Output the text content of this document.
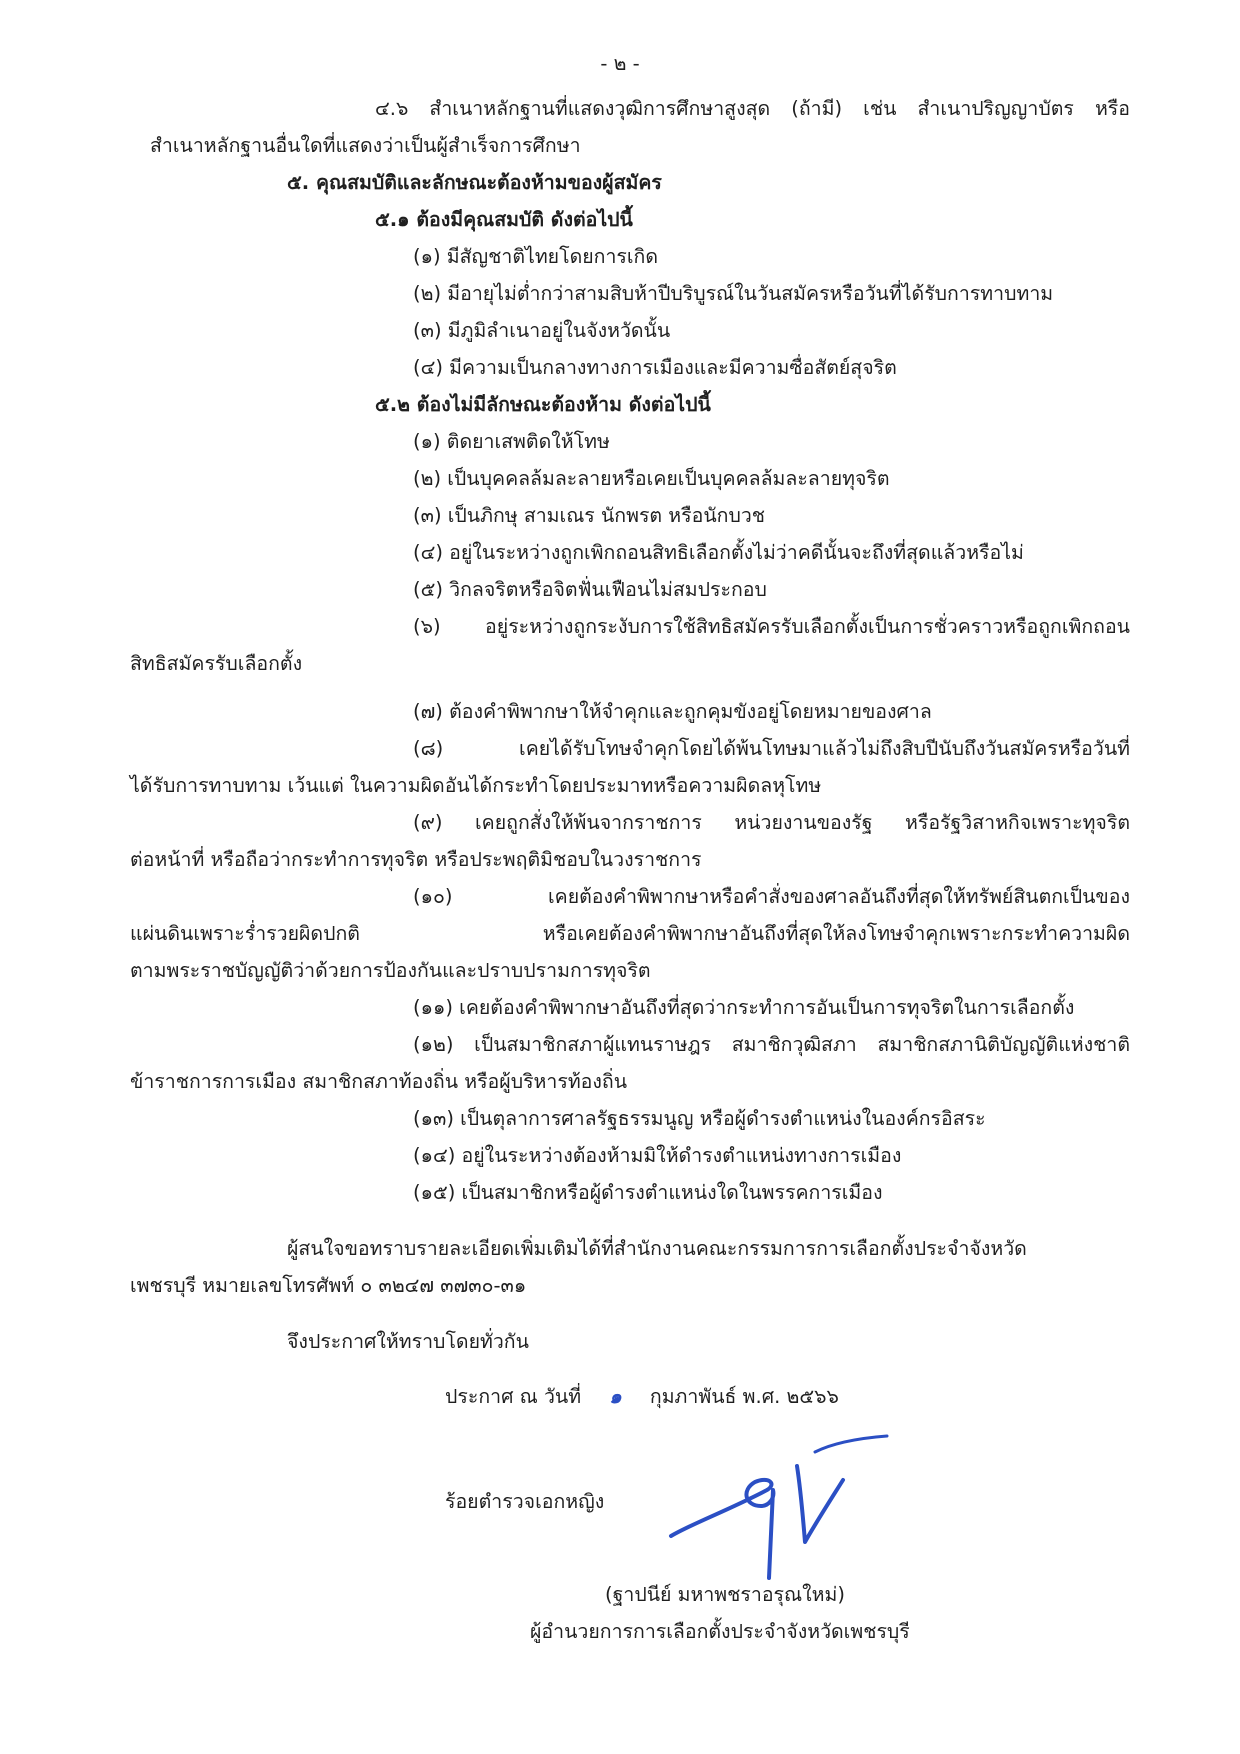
- ๒ -
๔.๖ สำเนาหลักฐานที่แสดงวุฒิการศึกษาสูงสุด (ถ้ามี) เช่น สำเนาปริญญาบัตร หรือ
สำเนาหลักฐานอื่นใดที่แสดงว่าเป็นผู้สำเร็จการศึกษา
๕. คุณสมบัติและลักษณะต้องห้ามของผู้สมัคร
๕.๑ ต้องมีคุณสมบัติ ดังต่อไปนี้
(๑) มีสัญชาติไทยโดยการเกิด
(๒) มีอายุไม่ต่ำกว่าสามสิบห้าปีบริบูรณ์ในวันสมัครหรือวันที่ได้รับการทาบทาม
(๓) มีภูมิลำเนาอยู่ในจังหวัดนั้น
(๔) มีความเป็นกลางทางการเมืองและมีความซื่อสัตย์สุจริต
๕.๒ ต้องไม่มีลักษณะต้องห้าม ดังต่อไปนี้
(๑) ติดยาเสพติดให้โทษ
(๒) เป็นบุคคลล้มละลายหรือเคยเป็นบุคคลล้มละลายทุจริต
(๓) เป็นภิกษุ สามเณร นักพรต หรือนักบวช
(๔) อยู่ในระหว่างถูกเพิกถอนสิทธิเลือกตั้งไม่ว่าคดีนั้นจะถึงที่สุดแล้วหรือไม่
(๕) วิกลจริตหรือจิตฟั่นเฟือนไม่สมประกอบ
(๖) อยู่ระหว่างถูกระงับการใช้สิทธิสมัครรับเลือกตั้งเป็นการชั่วคราวหรือถูกเพิกถอน
สิทธิสมัครรับเลือกตั้ง
(๗) ต้องคำพิพากษาให้จำคุกและถูกคุมขังอยู่โดยหมายของศาล
(๘) เคยได้รับโทษจำคุกโดยได้พ้นโทษมาแล้วไม่ถึงสิบปีนับถึงวันสมัครหรือวันที่
ได้รับการทาบทาม เว้นแต่ ในความผิดอันได้กระทำโดยประมาทหรือความผิดลหุโทษ
(๙) เคยถูกสั่งให้พ้นจากราชการ หน่วยงานของรัฐ หรือรัฐวิสาหกิจเพราะทุจริต
ต่อหน้าที่ หรือถือว่ากระทำการทุจริต หรือประพฤติมิชอบในวงราชการ
(๑๐) เคยต้องคำพิพากษาหรือคำสั่งของศาลอันถึงที่สุดให้ทรัพย์สินตกเป็นของ
แผ่นดินเพราะร่ำรวยผิดปกติ หรือเคยต้องคำพิพากษาอันถึงที่สุดให้ลงโทษจำคุกเพราะกระทำความผิด
ตามพระราชบัญญัติว่าด้วยการป้องกันและปราบปรามการทุจริต
(๑๑) เคยต้องคำพิพากษาอันถึงที่สุดว่ากระทำการอันเป็นการทุจริตในการเลือกตั้ง
(๑๒) เป็นสมาชิกสภาผู้แทนราษฎร สมาชิกวุฒิสภา สมาชิกสภานิติบัญญัติแห่งชาติ
ข้าราชการการเมือง สมาชิกสภาท้องถิ่น หรือผู้บริหารท้องถิ่น
(๑๓) เป็นตุลาการศาลรัฐธรรมนูญ หรือผู้ดำรงตำแหน่งในองค์กรอิสระ
(๑๔) อยู่ในระหว่างต้องห้ามมิให้ดำรงตำแหน่งทางการเมือง
(๑๕) เป็นสมาชิกหรือผู้ดำรงตำแหน่งใดในพรรคการเมือง
ผู้สนใจขอทราบรายละเอียดเพิ่มเติมได้ที่สำนักงานคณะกรรมการการเลือกตั้งประจำจังหวัด
เพชรบุรี หมายเลขโทรศัพท์ ๐ ๓๒๔๗ ๓๗๓๐-๓๑
จึงประกาศให้ทราบโดยทั่วกัน
ประกาศ ณ วันที่ ๑ กุมภาพันธ์ พ.ศ. ๒๕๖๖
ร้อยตำรวจเอกหญิง
(ฐาปนีย์ มหาพชราอรุณใหม่)
ผู้อำนวยการการเลือกตั้งประจำจังหวัดเพชรบุรี
